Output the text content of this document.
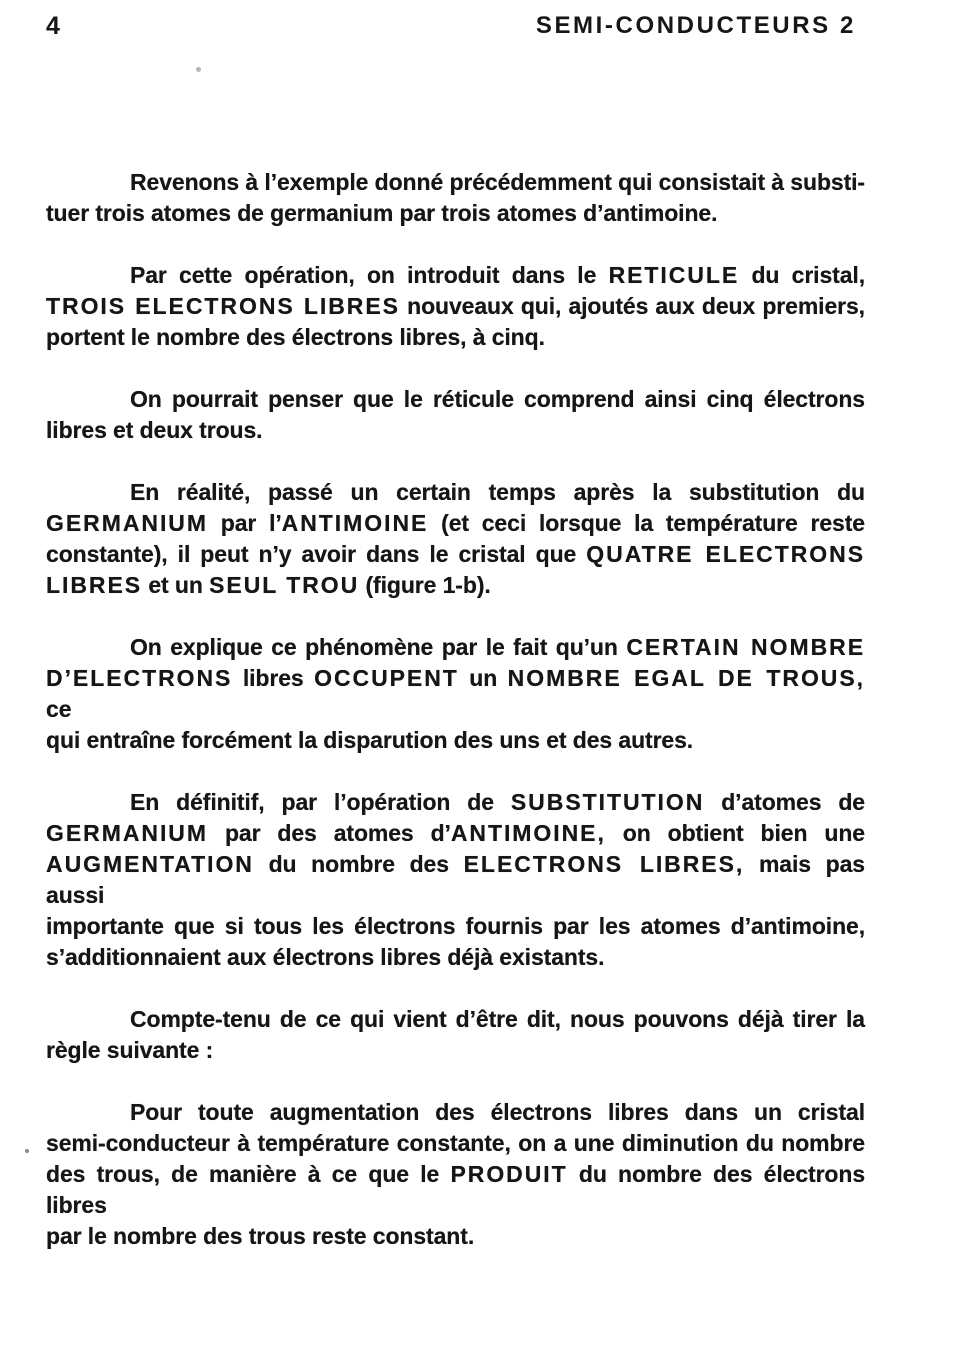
4	SEMI-CONDUCTEURS 2
Revenons à l’exemple donné précédemment qui consistait à substi-
tuer trois atomes de germanium par trois atomes d’antimoine.
Par cette opération, on introduit dans le RETICULE du cristal,
TROIS ELECTRONS LIBRES nouveaux qui, ajoutés aux deux premiers,
portent le nombre des électrons libres, à cinq.
On pourrait penser que le réticule comprend ainsi cinq électrons
libres et deux trous.
En réalité, passé un certain temps après la substitution du
GERMANIUM par l’ANTIMOINE (et ceci lorsque la température reste
constante), il peut n’y avoir dans le cristal que QUATRE ELECTRONS
LIBRES et un SEUL TROU (figure 1-b).
On explique ce phénomène par le fait qu’un CERTAIN NOMBRE
D’ELECTRONS libres OCCUPENT un NOMBRE EGAL DE TROUS, ce
qui entraîne forcément la disparution des uns et des autres.
En définitif, par l’opération de SUBSTITUTION d’atomes de
GERMANIUM par des atomes d’ANTIMOINE, on obtient bien une
AUGMENTATION du nombre des ELECTRONS LIBRES, mais pas aussi
importante que si tous les électrons fournis par les atomes d’antimoine,
s’additionnaient aux électrons libres déjà existants.
Compte-tenu de ce qui vient d’être dit, nous pouvons déjà tirer la
règle suivante :
Pour toute augmentation des électrons libres dans un cristal
semi-conducteur à température constante, on a une diminution du nombre
des trous, de manière à ce que le PRODUIT du nombre des électrons libres
par le nombre des trous reste constant.
